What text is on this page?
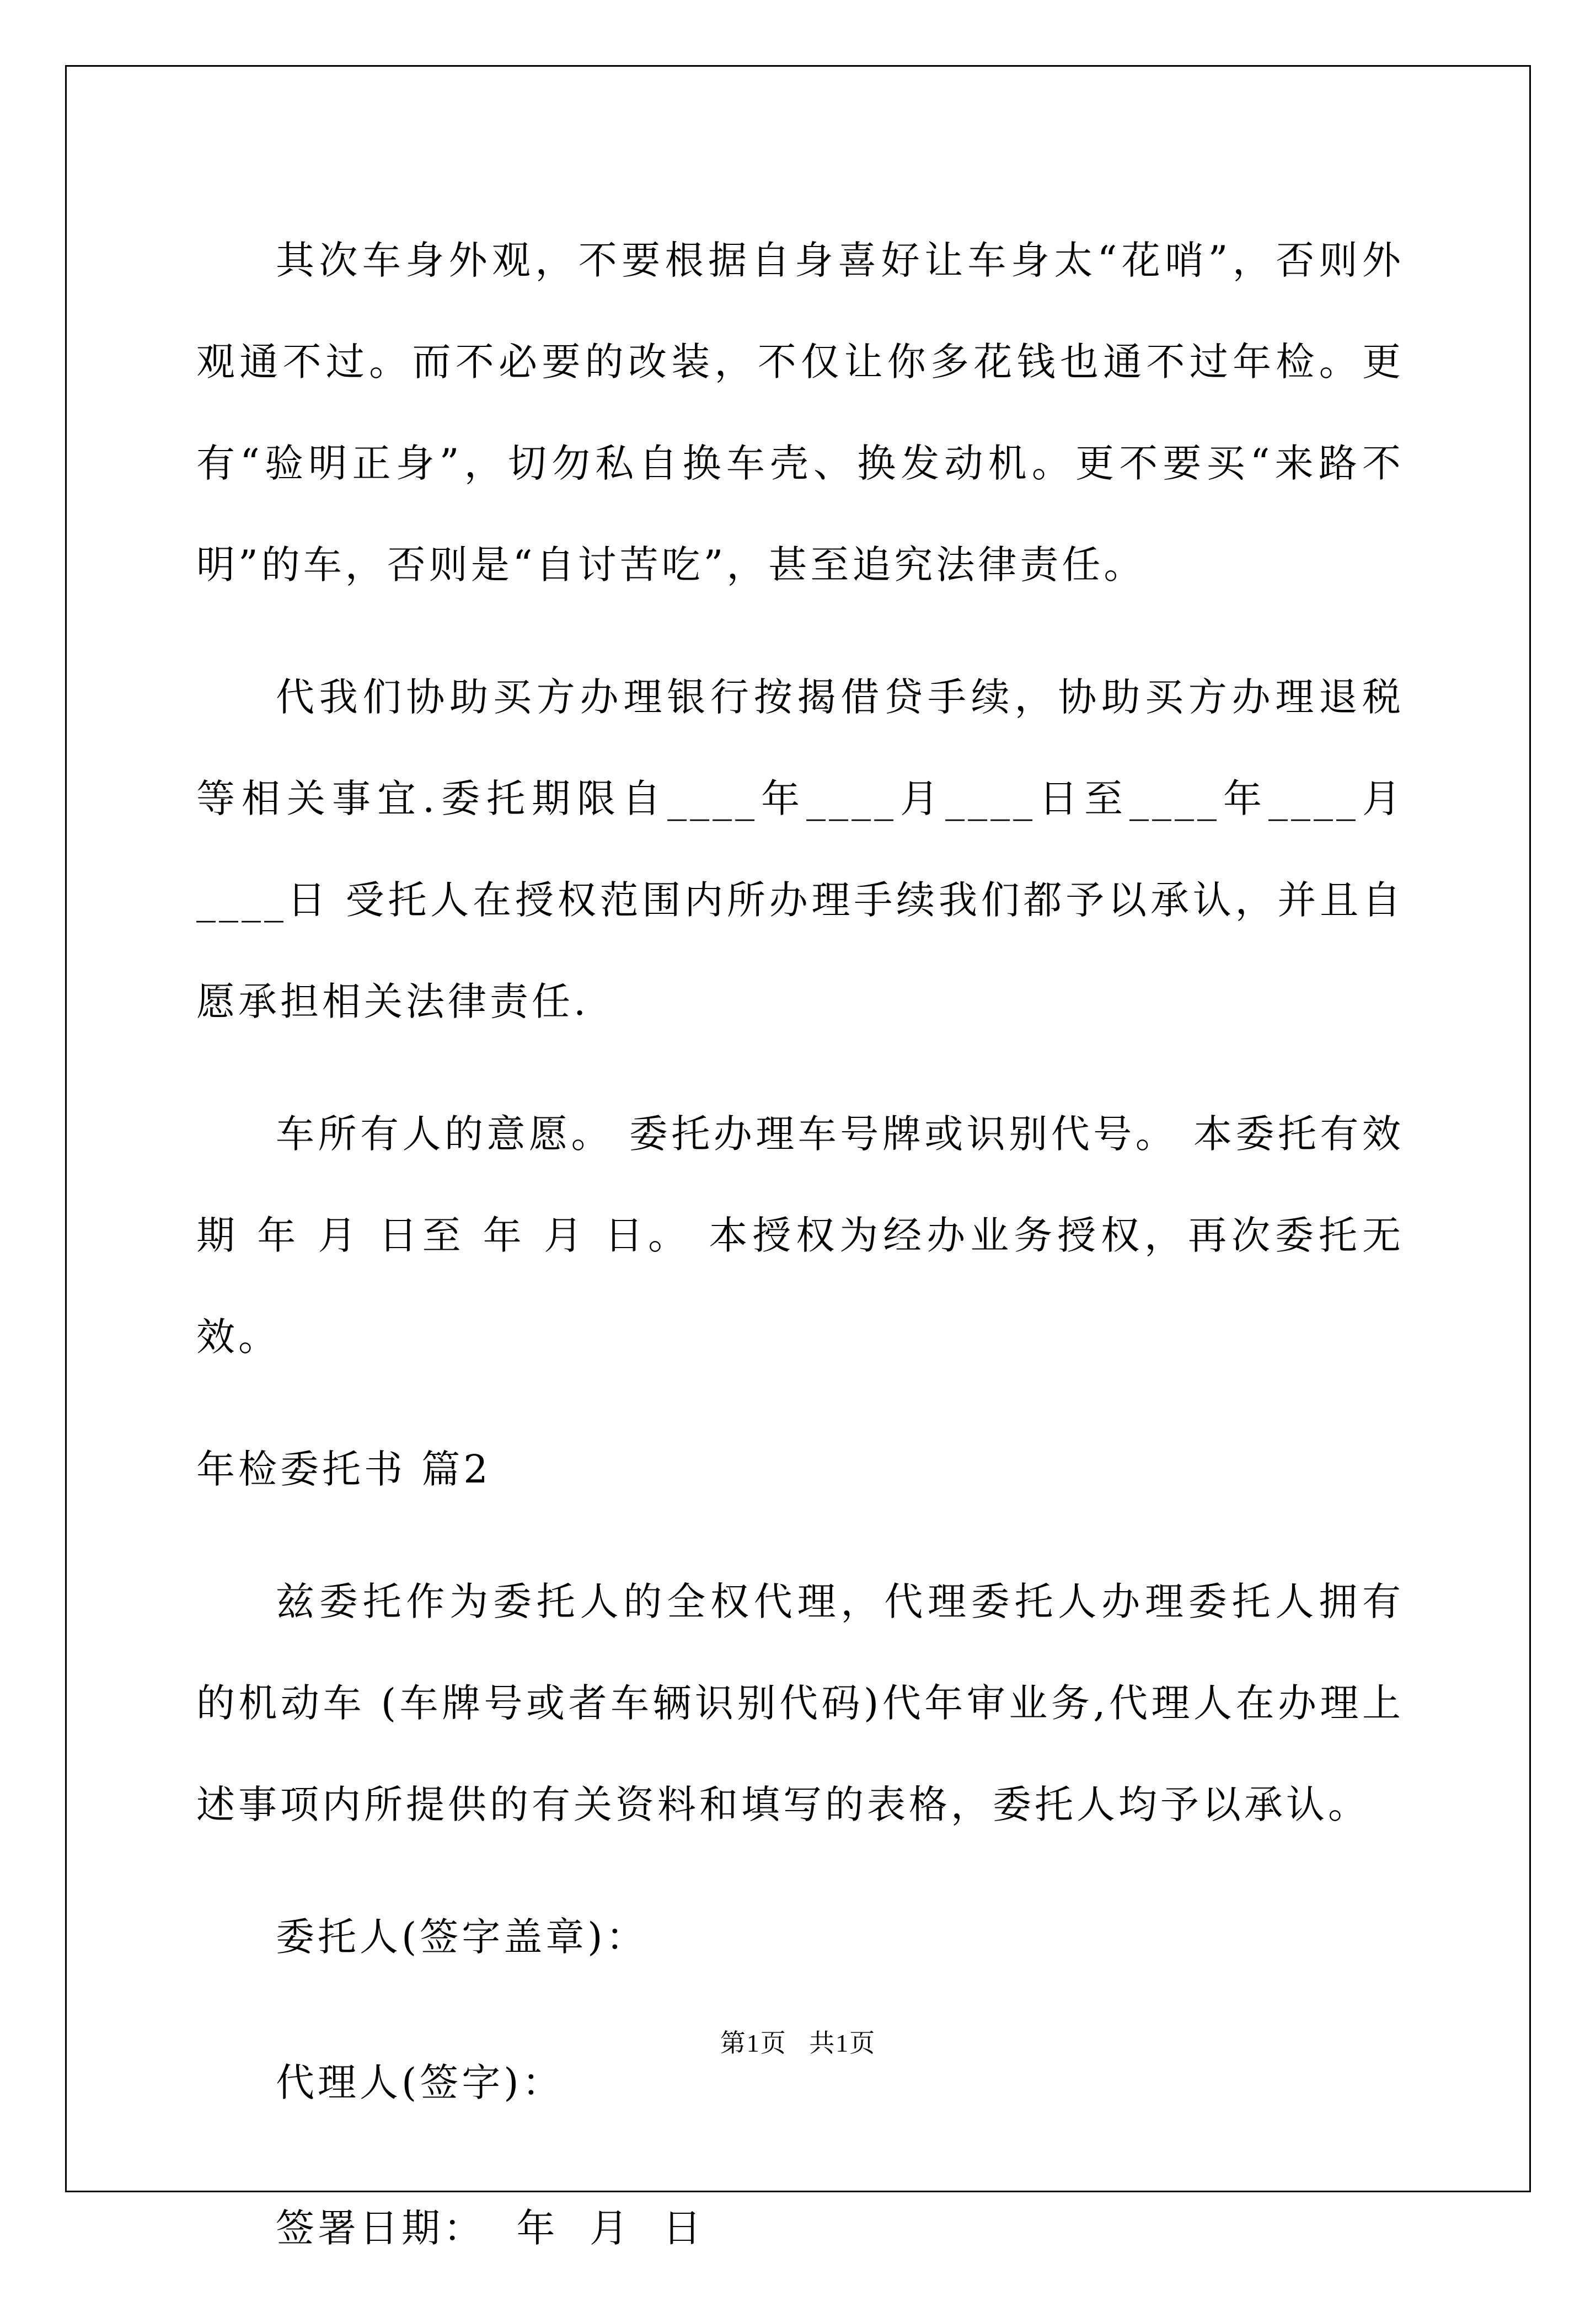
其次车身外观，不要根据自身喜好让车身太“花哨”，否则外观通不过。而不必要的改装，不仅让你多花钱也通不过年检。更有“验明正身”，切勿私自换车壳、换发动机。更不要买“来路不明”的车，否则是“自讨苦吃”，甚至追究法律责任。

代我们协助买方办理银行按揭借贷手续，协助买方办理退税等相关事宜.委托期限自____年____月____日至____年____月____日 受托人在授权范围内所办理手续我们都予以承认，并且自愿承担相关法律责任.

车所有人的意愿。 委托办理车号牌或识别代号。 本委托有效期 年 月 日至 年 月 日。 本授权为经办业务授权，再次委托无效。

年检委托书 篇2

兹委托作为委托人的全权代理，代理委托人办理委托人拥有的机动车 (车牌号或者车辆识别代码)代年审业务,代理人在办理上述事项内所提供的有关资料和填写的表格，委托人均予以承认。

委托人(签字盖章)：

代理人(签字)：

签署日期：  年  月  日

第1页   共1页
